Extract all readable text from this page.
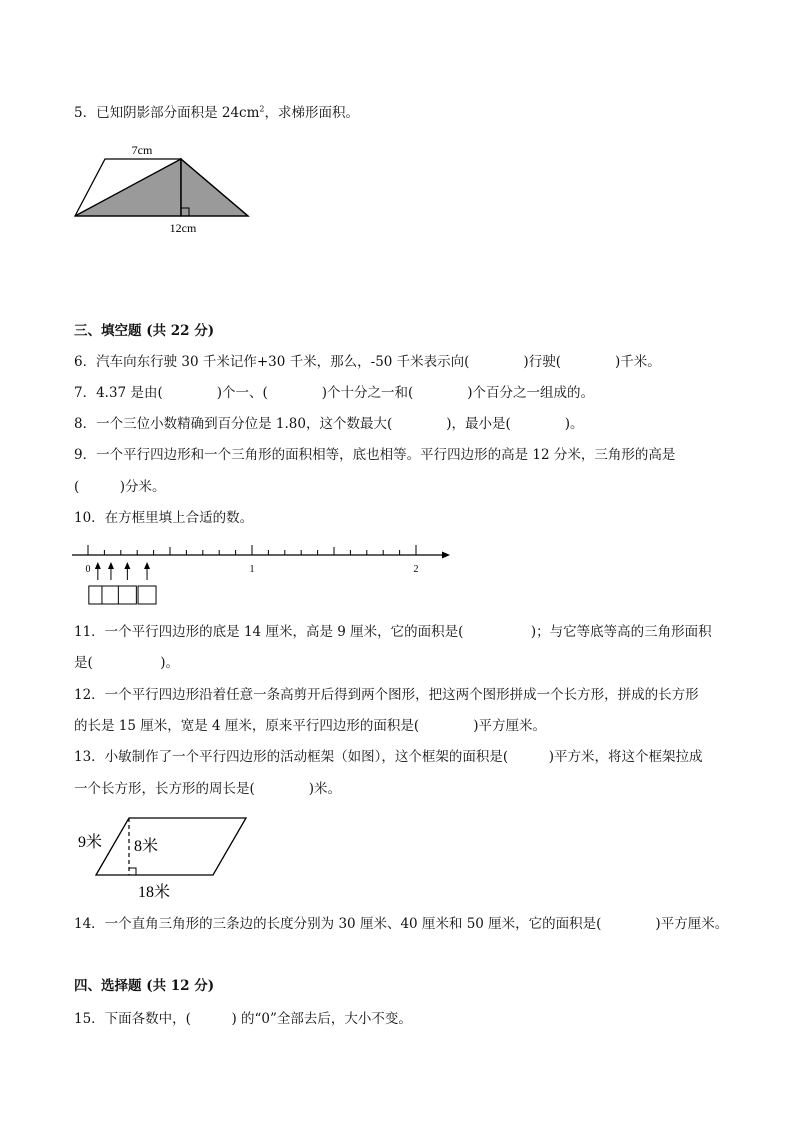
5．已知阴影部分面积是 $24cm^2$，求梯形面积。
7cm
12cm
三、填空题 (共 22 分)
6．汽车向东行驶 30 千米记作+30 千米，那么，-50 千米表示向(　　　　)行驶(　　　　)千米。
7．4.37 是由(　　　　)个一、(　　　　)个十分之一和(　　　　)个百分之一组成的。
8．一个三位小数精确到百分位是 1.80，这个数最大(　　　　)，最小是(　　　　)。
9．一个平行四边形和一个三角形的面积相等，底也相等。平行四边形的高是 12 分米，三角形的高是
(　　　)分米。
10．在方框里填上合适的数。
0	1	2
11．一个平行四边形的底是 14 厘米，高是 9 厘米，它的面积是(　　　　　)；与它等底等高的三角形面积
是(　　　　　)。
12．一个平行四边形沿着任意一条高剪开后得到两个图形，把这两个图形拼成一个长方形，拼成的长方形
的长是 15 厘米，宽是 4 厘米，原来平行四边形的面积是(　　　　)平方厘米。
13．小敏制作了一个平行四边形的活动框架（如图），这个框架的面积是(　　　)平方米，将这个框架拉成
一个长方形，长方形的周长是(　　　　)米。
9米 8米
18米
14．一个直角三角形的三条边的长度分别为 30 厘米、40 厘米和 50 厘米，它的面积是(　　　　)平方厘米。
四、选择题 (共 12 分)
15．下面各数中，(　　　) 的“0”全部去后，大小不变。
